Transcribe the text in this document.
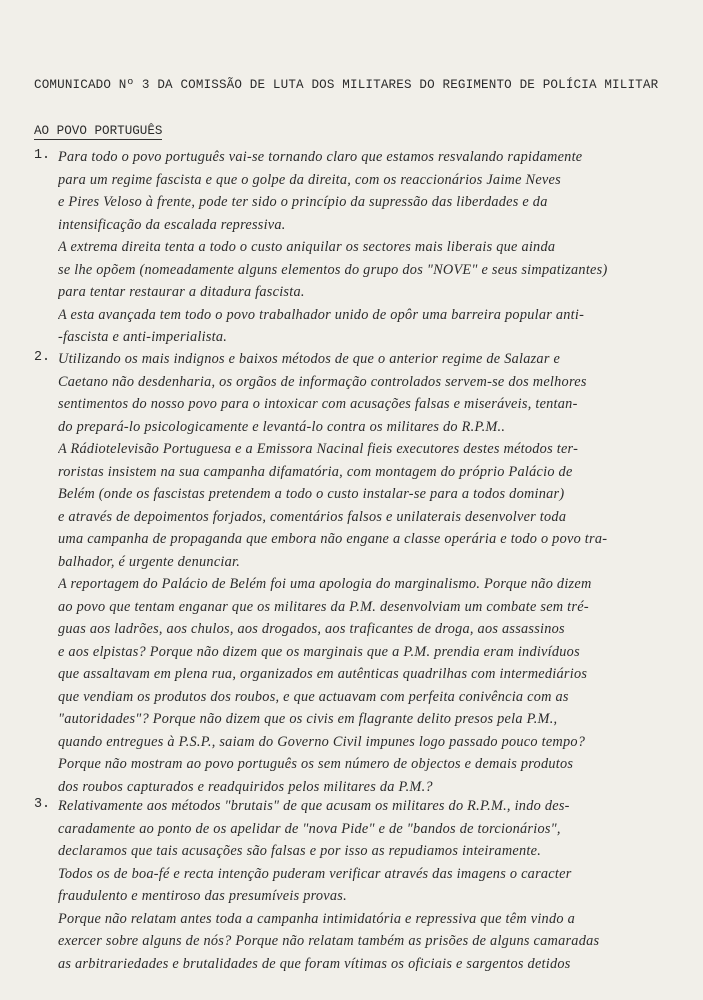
COMUNICADO Nº 3 DA COMISSÃO DE LUTA DOS MILITARES DO REGIMENTO DE POLÍCIA MILITAR
AO POVO PORTUGUÊS
1. Para todo o povo português vai-se tornando claro que estamos resvalando rapidamente
para um regime fascista e que o golpe da direita, com os reaccionários Jaime Neves
e Pires Veloso à frente, pode ter sido o princípio da supressão das liberdades e da
intensificação da escalada repressiva.
A extrema direita tenta a todo o custo aniquilar os sectores mais liberais que ainda
se lhe opõem (nomeadamente alguns elementos do grupo dos "NOVE" e seus simpatizantes)
para tentar restaurar a ditadura fascista.
A esta avançada tem todo o povo trabalhador unido de opôr uma barreira popular anti-
-fascista e anti-imperialista.
2. Utilizando os mais indignos e baixos métodos de que o anterior regime de Salazar e
Caetano não desdenharia, os orgãos de informação controlados servem-se dos melhores
sentimentos do nosso povo para o intoxicar com acusações falsas e miseráveis, tentan-
do prepará-lo psicologicamente e levantá-lo contra os militares do R.P.M..
A Rádiotelevisão Portuguesa e a Emissora Nacinal fieis executores destes métodos ter-
roristas insistem na sua campanha difamatória, com montagem do próprio Palácio de
Belém (onde os fascistas pretendem a todo o custo instalar-se para a todos dominar)
e através de depoimentos forjados, comentários falsos e unilaterais desenvolver toda
uma campanha de propaganda que embora não engane a classe operária e todo o povo tra-
balhador, é urgente denunciar.
A reportagem do Palácio de Belém foi uma apologia do marginalismo. Porque não dizem
ao povo que tentam enganar que os militares da P.M. desenvolviam um combate sem tré-
guas aos ladrões, aos chulos, aos drogados, aos traficantes de droga, aos assassinos
e aos elpistas? Porque não dizem que os marginais que a P.M. prendia eram indivíduos
que assaltavam em plena rua, organizados em autênticas quadrilhas com intermediários
que vendiam os produtos dos roubos, e que actuavam com perfeita conivência com as
"autoridades"? Porque não dizem que os civis em flagrante delito presos pela P.M.,
quando entregues à P.S.P., saiam do Governo Civil impunes logo passado pouco tempo?
Porque não mostram ao povo português os sem número de objectos e demais produtos
dos roubos capturados e readquiridos pelos militares da P.M.?
3. Relativamente aos métodos "brutais" de que acusam os militares do R.P.M., indo des-
caradamente ao ponto de os apelidar de "nova Pide" e de "bandos de torcionários",
declaramos que tais acusações são falsas e por isso as repudiamos inteiramente.
Todos os de boa-fé e recta intenção puderam verificar através das imagens o caracter
fraudulento e mentiroso das presumíveis provas.
Porque não relatam antes toda a campanha intimidatória e repressiva que têm vindo a
exercer sobre alguns de nós? Porque não relatam também as prisões de alguns camaradas
as arbitrariedades e brutalidades de que foram vítimas os oficiais e sargentos detidos
